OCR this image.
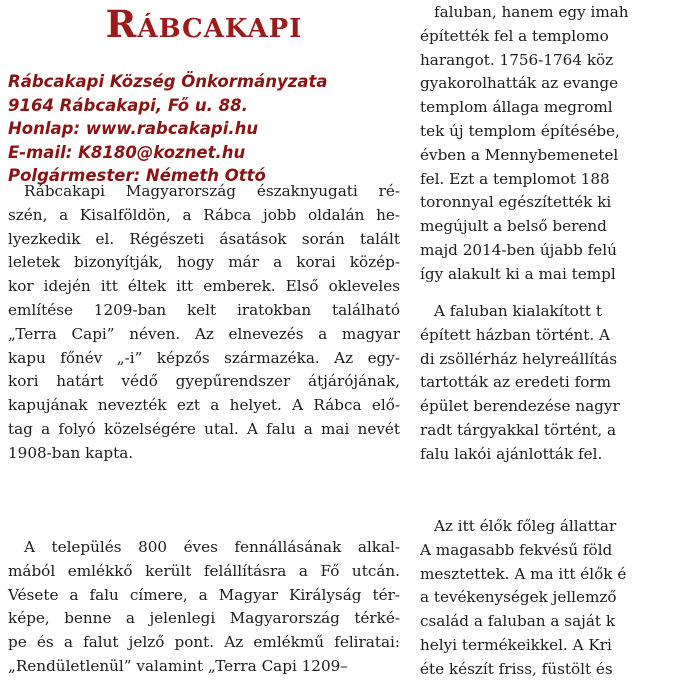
Rábcakapi
Rábcakapi Község Önkormányzata
9164 Rábcakapi, Fő u. 88.
Honlap: www.rabcakapi.hu
E-mail: K8180@koznet.hu
Polgármester: Németh Ottó
Rábcakapi Magyarország északnyugati ré-
szén, a Kisalföldön, a Rábca jobb oldalán he-
lyezkedik el. Régészeti ásatások során talált
leletek bizonyítják, hogy már a korai közép-
kor idején itt éltek itt emberek. Első okleveles
említése 1209-ban kelt iratokban található
„Terra Capi” néven. Az elnevezés a magyar
kapu főnév „-i” képzős származéka. Az egy-
kori határt védő gyepűrendszer átjárójának,
kapujának nevezték ezt a helyet. A Rábca elő-
tag a folyó közelségére utal. A falu a mai nevét
1908-ban kapta.
A település 800 éves fennállásának alkal-
mából emlékkő került felállításra a Fő utcán.
Vésete a falu címere, a Magyar Királyság tér-
képe, benne a jelenlegi Magyarország térké-
pe és a falut jelző pont. Az emlékmű feliratai:
„Rendületlenül” valamint „Terra Capi 1209–
faluban, hanem egy imah
építették fel a templomo
harangot. 1756-1764 köz
gyakorolhatták az evange
templom állaga megroml
tek új templom építésébe,
évben a Mennybemenetel
fel. Ezt a templomot 188
toronnyal egészítették ki
megújult a belső berend
majd 2014-ben újabb felú
így alakult ki a mai templ
A faluban kialakított t
épített házban történt. A
di zsöllérház helyreállítás
tartották az eredeti form
épület berendezése nagyr
radt tárgyakkal történt, a
falu lakói ajánlották fel.
Az itt élők főleg állattar
A magasabb fekvésű föld
mesztettek. A ma itt élők é
a tevékenységek jellemző
család a faluban a saját k
helyi termékeikkel. A Kri
éte készít friss, füstölt és
